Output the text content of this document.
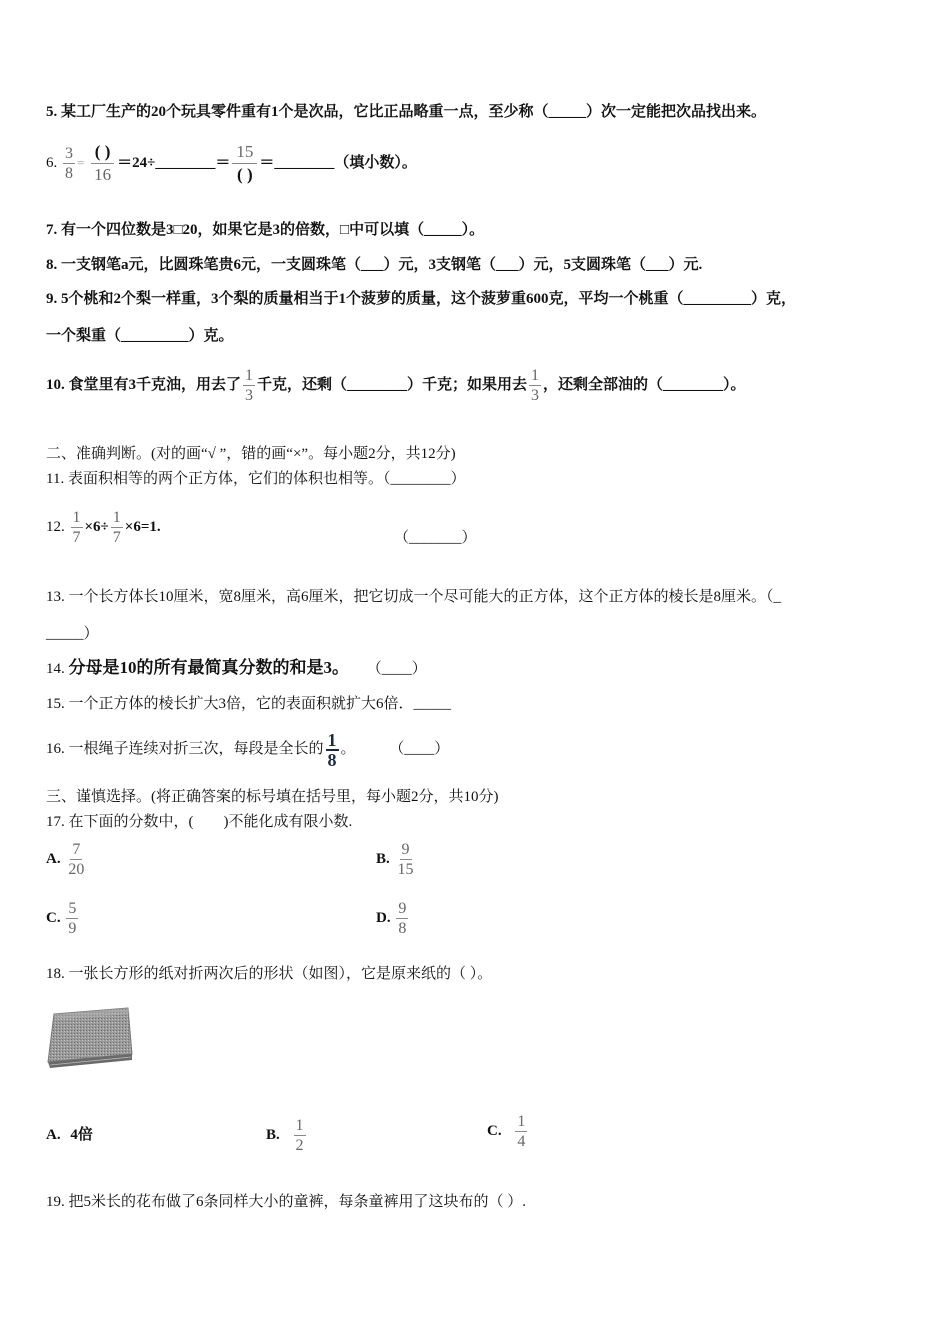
5. 某工厂生产的20个玩具零件重有1个是次品，它比正品略重一点，至少称（_____）次一定能把次品找出来。
6. $\frac{3}{8} = \frac{( )}{16}$ ＝24÷________＝ $\frac{15}{( )}$ ＝________（填小数）。
7. 有一个四位数是3□20，如果它是3的倍数，□中可以填（_____）。
8. 一支钢笔a元，比圆珠笔贵6元，一支圆珠笔（___）元，3支钢笔（___）元，5支圆珠笔（___）元.
9. 5个桃和2个梨一样重，3个梨的质量相当于1个菠萝的质量，这个菠萝重600克，平均一个桃重（_________）克，
一个梨重（_________）克。
10. 食堂里有3千克油，用去了 $\frac{1}{3}$ 千克，还剩（________）千克；如果用去 $\frac{1}{3}$ ，还剩全部油的（________）。
二、准确判断。(对的画“√ ”，错的画“×”。每小题2分，共12分)
11. 表面积相等的两个正方体，它们的体积也相等。（________）
12. $\frac{1}{7} \times 6\div \frac{1}{7} \times 6=1$.
（_______）
13. 一个长方体长10厘米，宽8厘米，高6厘米，把它切成一个尽可能大的正方体，这个正方体的棱长是8厘米。（_
_____）
14. 分母是10的所有最简真分数的和是3。 （____）
15. 一个正方体的棱长扩大3倍，它的表面积就扩大6倍．_____
16. 一根绳子连续对折三次，每段是全长的 $\frac{1}{8}$ 。 （____）
三、谨慎选择。(将正确答案的标号填在括号里，每小题2分，共10分)
17. 在下面的分数中，(　　)不能化成有限小数.
A. $\frac{7}{20}$	B. $\frac{9}{15}$
C. $\frac{5}{9}$	D. $\frac{9}{8}$
18. 一张长方形的纸对折两次后的形状（如图），它是原来纸的（ ）。
A. 4倍	B. $\frac{1}{2}$	C. $\frac{1}{4}$
19. 把5米长的花布做了6条同样大小的童裤，每条童裤用了这块布的（ ）.
